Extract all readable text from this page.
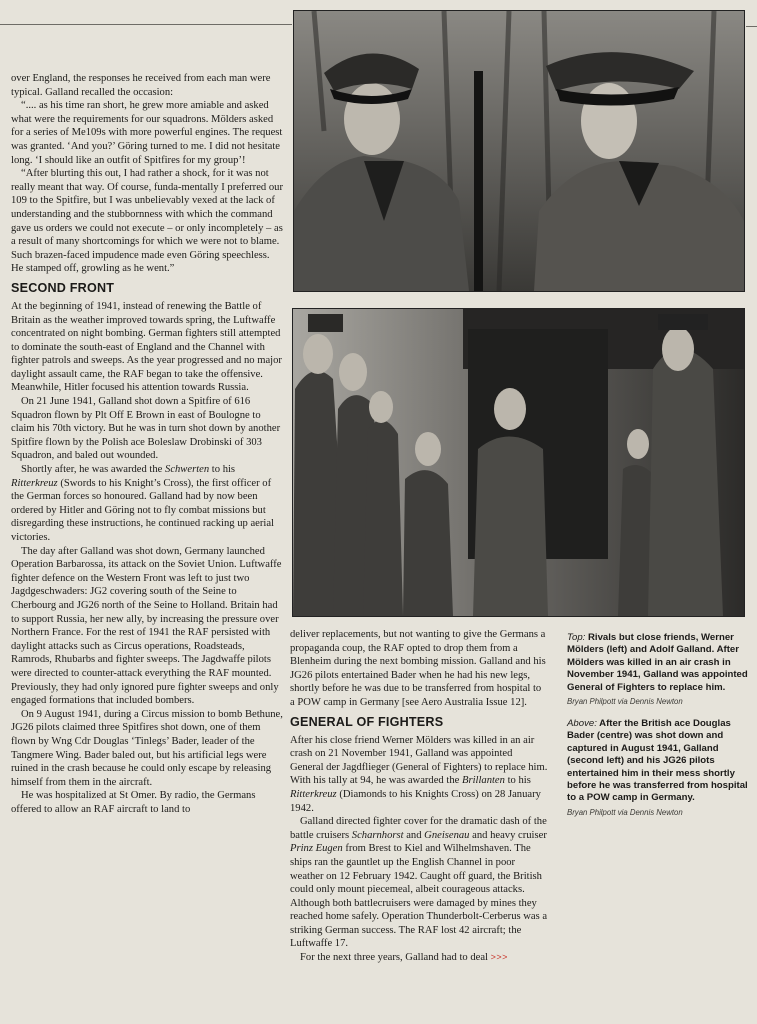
over England, the responses he received from each man were typical. Galland recalled the occasion:

“.... as his time ran short, he grew more amiable and asked what were the requirements for our squadrons. Mölders asked for a series of Me109s with more powerful engines. The request was granted. ‘And you?’ Göring turned to me. I did not hesitate long. ‘I should like an outfit of Spitfires for my group’!

“After blurting this out, I had rather a shock, for it was not really meant that way. Of course, funda-mentally I preferred our 109 to the Spitfire, but I was unbelievably vexed at the lack of understanding and the stubbornness with which the command gave us orders we could not execute – or only incompletely – as a result of many shortcomings for which we were not to blame. Such brazen-faced impudence made even Göring speechless. He stamped off, growling as he went.”

SECOND FRONT

At the beginning of 1941, instead of renewing the Battle of Britain as the weather improved towards spring, the Luftwaffe concentrated on night bombing. German fighters still attempted to dominate the south-east of England and the Channel with fighter patrols and sweeps. As the year progressed and no major daylight assault came, the RAF began to take the offensive. Meanwhile, Hitler focused his attention towards Russia.

On 21 June 1941, Galland shot down a Spitfire of 616 Squadron flown by Plt Off E Brown in east of Boulogne to claim his 70th victory. But he was in turn shot down by another Spitfire flown by the Polish ace Boleslaw Drobinski of 303 Squadron, and baled out wounded.

Shortly after, he was awarded the Schwerten to his Ritterkreuz (Swords to his Knight’s Cross), the first officer of the German forces so honoured. Galland had by now been ordered by Hitler and Göring not to fly combat missions but disregarding these instructions, he continued racking up aerial victories.

The day after Galland was shot down, Germany launched Operation Barbarossa, its attack on the Soviet Union. Luftwaffe fighter defence on the Western Front was left to just two Jagdgeschwaders: JG2 covering south of the Seine to Cherbourg and JG26 north of the Seine to Holland. Britain had to support Russia, her new ally, by increasing the pressure over Northern France. For the rest of 1941 the RAF persisted with daylight attacks such as Circus operations, Roadsteads, Ramrods, Rhubarbs and fighter sweeps. The Jagdwaffe pilots were directed to counter-attack everything the RAF mounted. Previously, they had only ignored pure fighter sweeps and only engaged formations that included bombers.

On 9 August 1941, during a Circus mission to bomb Bethune, JG26 pilots claimed three Spitfires shot down, one of them flown by Wng Cdr Douglas ‘Tinlegs’ Bader, leader of the Tangmere Wing. Bader baled out, but his artificial legs were ruined in the crash because he could only escape by releasing himself from them in the aircraft.

He was hospitalized at St Omer. By radio, the Germans offered to allow an RAF aircraft to land to

deliver replacements, but not wanting to give the Germans a propaganda coup, the RAF opted to drop them from a Blenheim during the next bombing mission. Galland and his JG26 pilots entertained Bader when he had his new legs, shortly before he was due to be transferred from hospital to a POW camp in Germany [see Aero Australia Issue 12].

GENERAL OF FIGHTERS

After his close friend Werner Mölders was killed in an air crash on 21 November 1941, Galland was appointed General der Jagdflieger (General of Fighters) to replace him. With his tally at 94, he was awarded the Brillanten to his Ritterkreuz (Diamonds to his Knights Cross) on 28 January 1942.

Galland directed fighter cover for the dramatic dash of the battle cruisers Scharnhorst and Gneisenau and heavy cruiser Prinz Eugen from Brest to Kiel and Wilhelmshaven. The ships ran the gauntlet up the English Channel in poor weather on 12 February 1942. Caught off guard, the British could only mount piecemeal, albeit courageous attacks. Although both battlecruisers were damaged by mines they reached home safely. Operation Thunderbolt-Cerberus was a striking German success. The RAF lost 42 aircraft; the Luftwaffe 17.

For the next three years, Galland had to deal >>>

Top: Rivals but close friends, Werner Mölders (left) and Adolf Galland. After Mölders was killed in an air crash in November 1941, Galland was appointed General of Fighters to replace him.

Bryan Philpott via Dennis Newton

Above: After the British ace Douglas Bader (centre) was shot down and captured in August 1941, Galland (second left) and his JG26 pilots entertained him in their mess shortly before he was transferred from hospital to a POW camp in Germany.

Bryan Philpott via Dennis Newton
